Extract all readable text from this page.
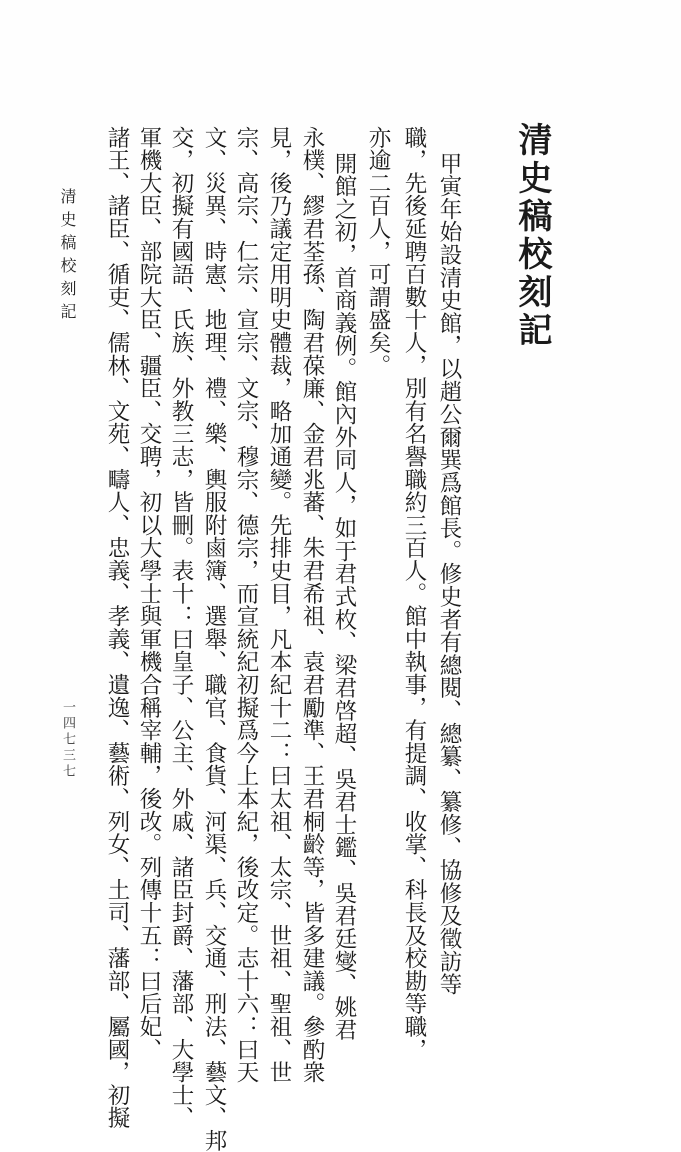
清史稿校刻記
甲寅年始設清史館，以趙公爾巽爲館長。修史者有總閱、總纂、纂修、協修及徵訪等
職，先後延聘百數十人，別有名譽職約三百人。館中執事，有提調、收掌、科長及校勘等職，
亦逾二百人，可謂盛矣。
開館之初，首商義例。館內外同人，如于君式枚、梁君啓超、吳君士鑑、吳君廷燮、姚君
永樸、繆君荃孫、陶君葆廉、金君兆蕃、朱君希祖、袁君勵準、王君桐齡等，皆多建議。參酌衆
見，後乃議定用明史體裁，略加通變。先排史目，凡本紀十二：曰太祖、太宗、世祖、聖祖、世
宗、高宗、仁宗、宣宗、文宗、穆宗、德宗，而宣統紀初擬爲今上本紀，後改定。志十六：曰天
文、災異、時憲、地理、禮、樂、輿服附鹵簿、選舉、職官、食貨、河渠、兵、交通、刑法、藝文、邦
交，初擬有國語、氏族、外教三志，皆刪。表十：曰皇子、公主、外戚、諸臣封爵、藩部、大學士、
軍機大臣、部院大臣、疆臣、交聘，初以大學士與軍機合稱宰輔，後改。列傳十五：曰后妃、
諸王、諸臣、循吏、儒林、文苑、疇人、忠義、孝義、遺逸、藝術、列女、土司、藩部、屬國，初擬
清史稿校刻記
一四七三七
